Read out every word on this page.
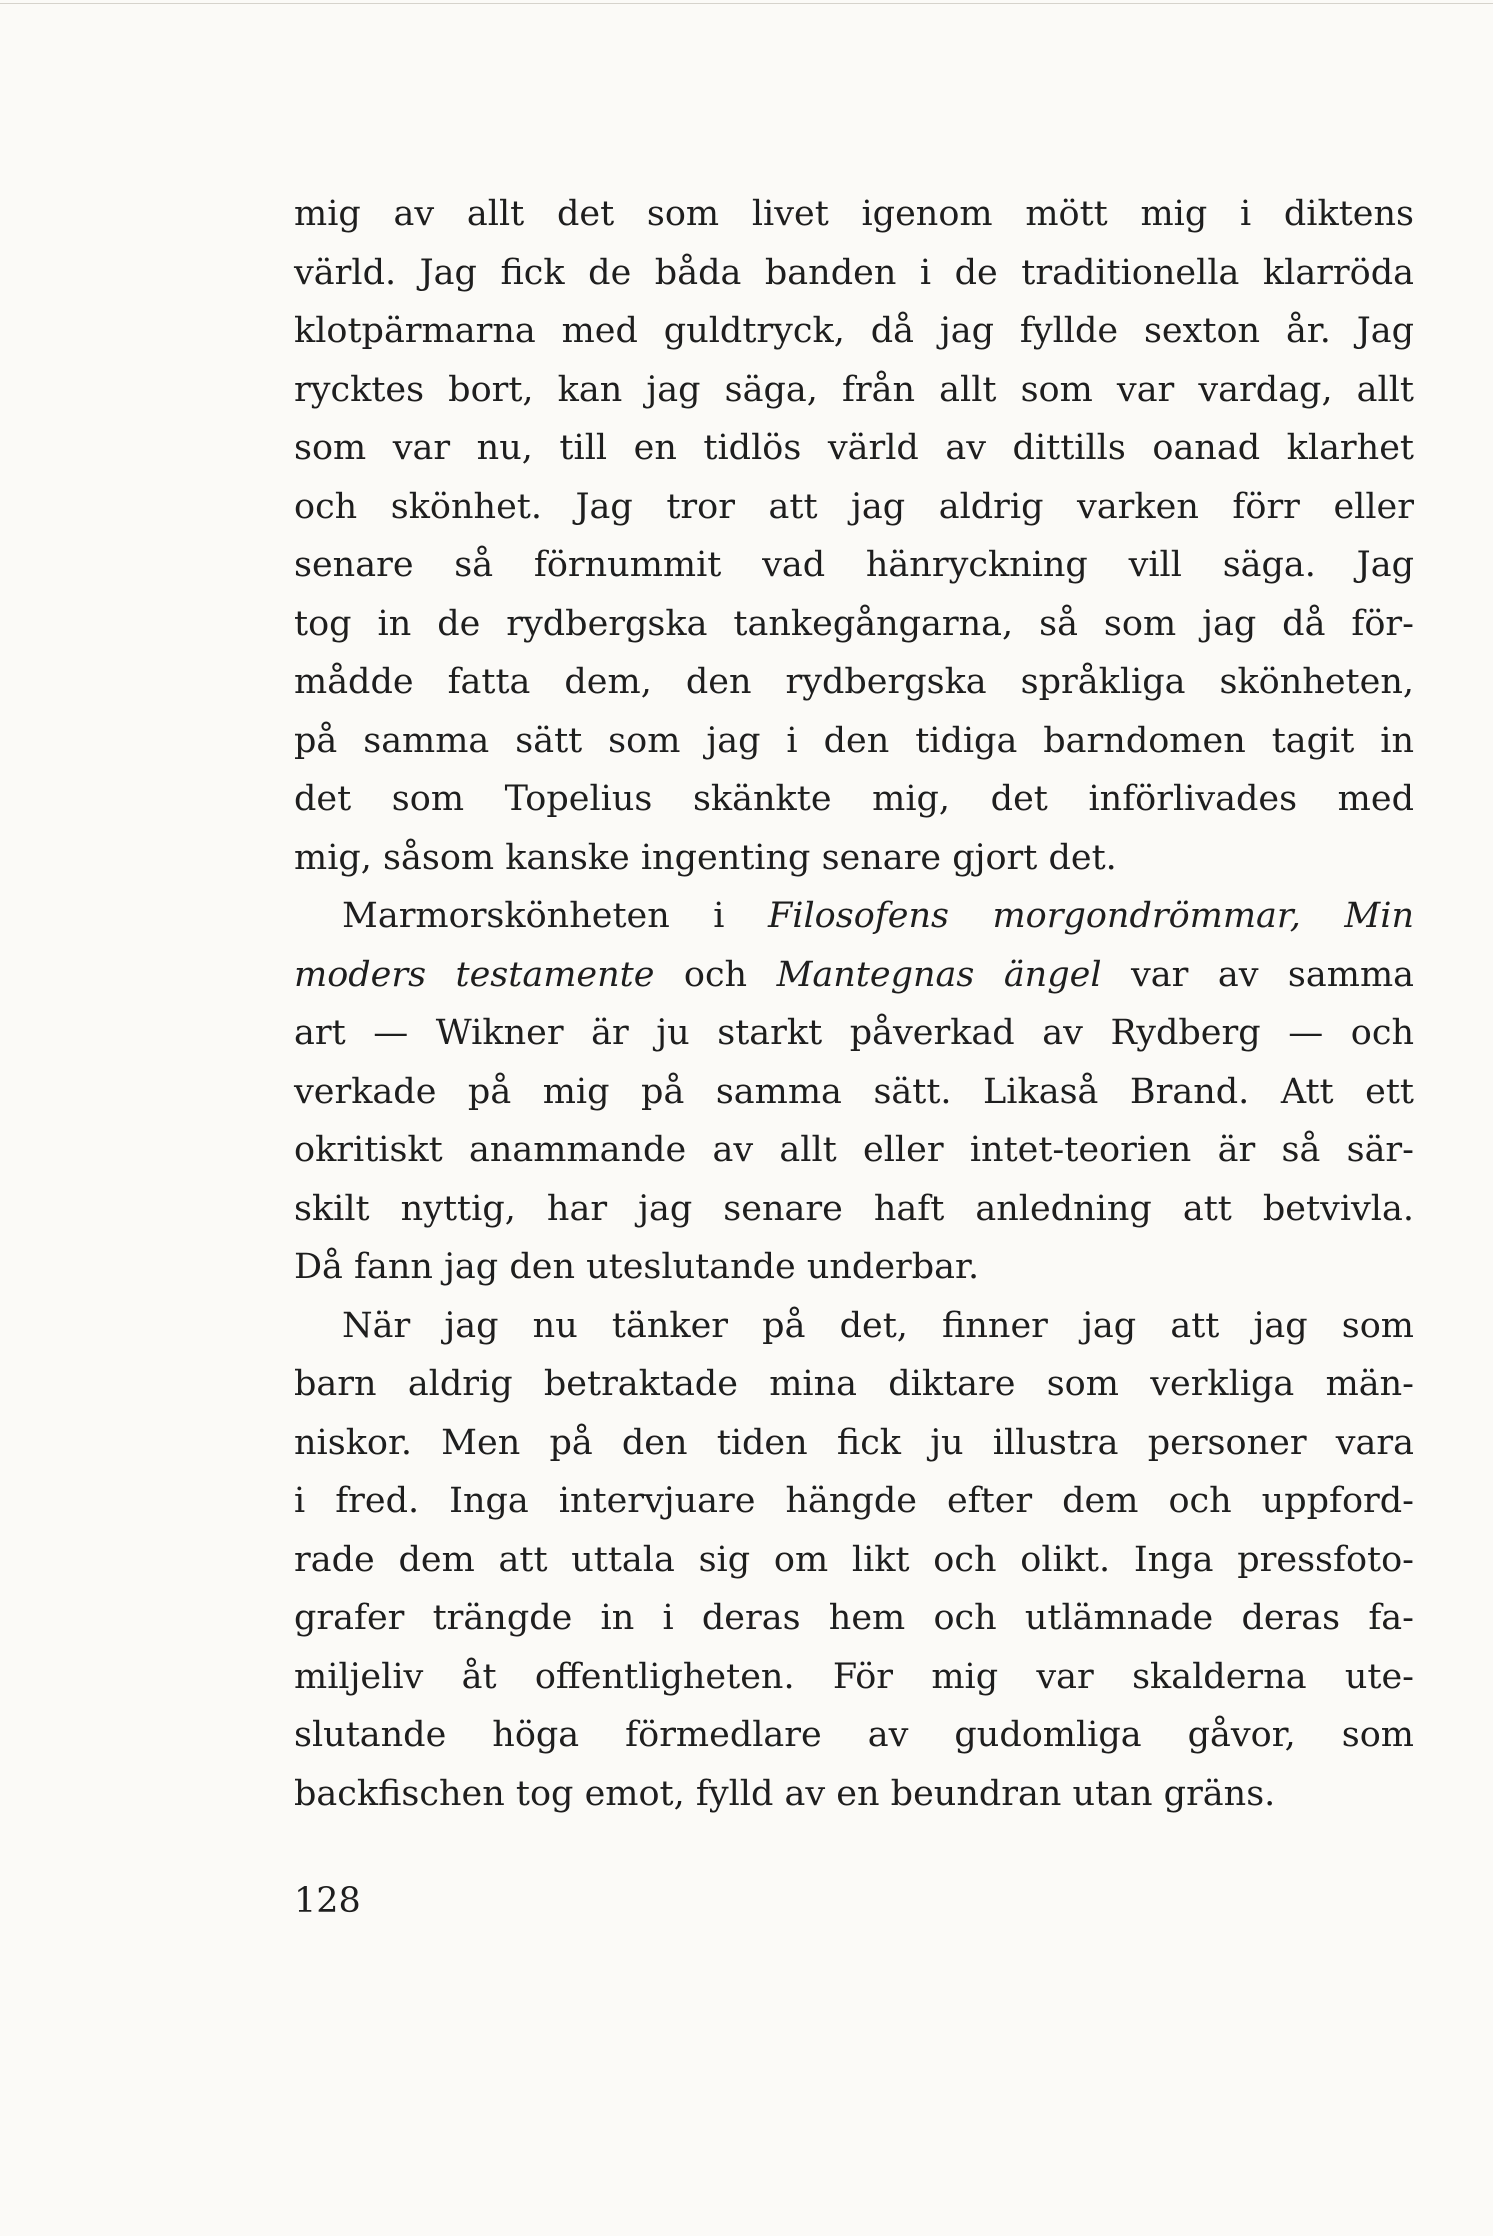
mig av allt det som livet igenom mött mig i diktens
värld. Jag fick de båda banden i de traditionella klarröda
klotpärmarna med guldtryck, då jag fyllde sexton år. Jag
rycktes bort, kan jag säga, från allt som var vardag, allt
som var nu, till en tidlös värld av dittills oanad klarhet
och skönhet. Jag tror att jag aldrig varken förr eller
senare så förnummit vad hänryckning vill säga. Jag
tog in de rydbergska tankegångarna, så som jag då för-
mådde fatta dem, den rydbergska språkliga skönheten,
på samma sätt som jag i den tidiga barndomen tagit in
det som Topelius skänkte mig, det införlivades med
mig, såsom kanske ingenting senare gjort det.
Marmorskönheten i Filosofens morgondrömmar, Min
moders testamente och Mantegnas ängel var av samma
art — Wikner är ju starkt påverkad av Rydberg — och
verkade på mig på samma sätt. Likaså Brand. Att ett
okritiskt anammande av allt eller intet-teorien är så sär-
skilt nyttig, har jag senare haft anledning att betvivla.
Då fann jag den uteslutande underbar.
När jag nu tänker på det, finner jag att jag som
barn aldrig betraktade mina diktare som verkliga män-
niskor. Men på den tiden fick ju illustra personer vara
i fred. Inga intervjuare hängde efter dem och uppford-
rade dem att uttala sig om likt och olikt. Inga pressfoto-
grafer trängde in i deras hem och utlämnade deras fa-
miljeliv åt offentligheten. För mig var skalderna ute-
slutande höga förmedlare av gudomliga gåvor, som
backfischen tog emot, fylld av en beundran utan gräns.
128
